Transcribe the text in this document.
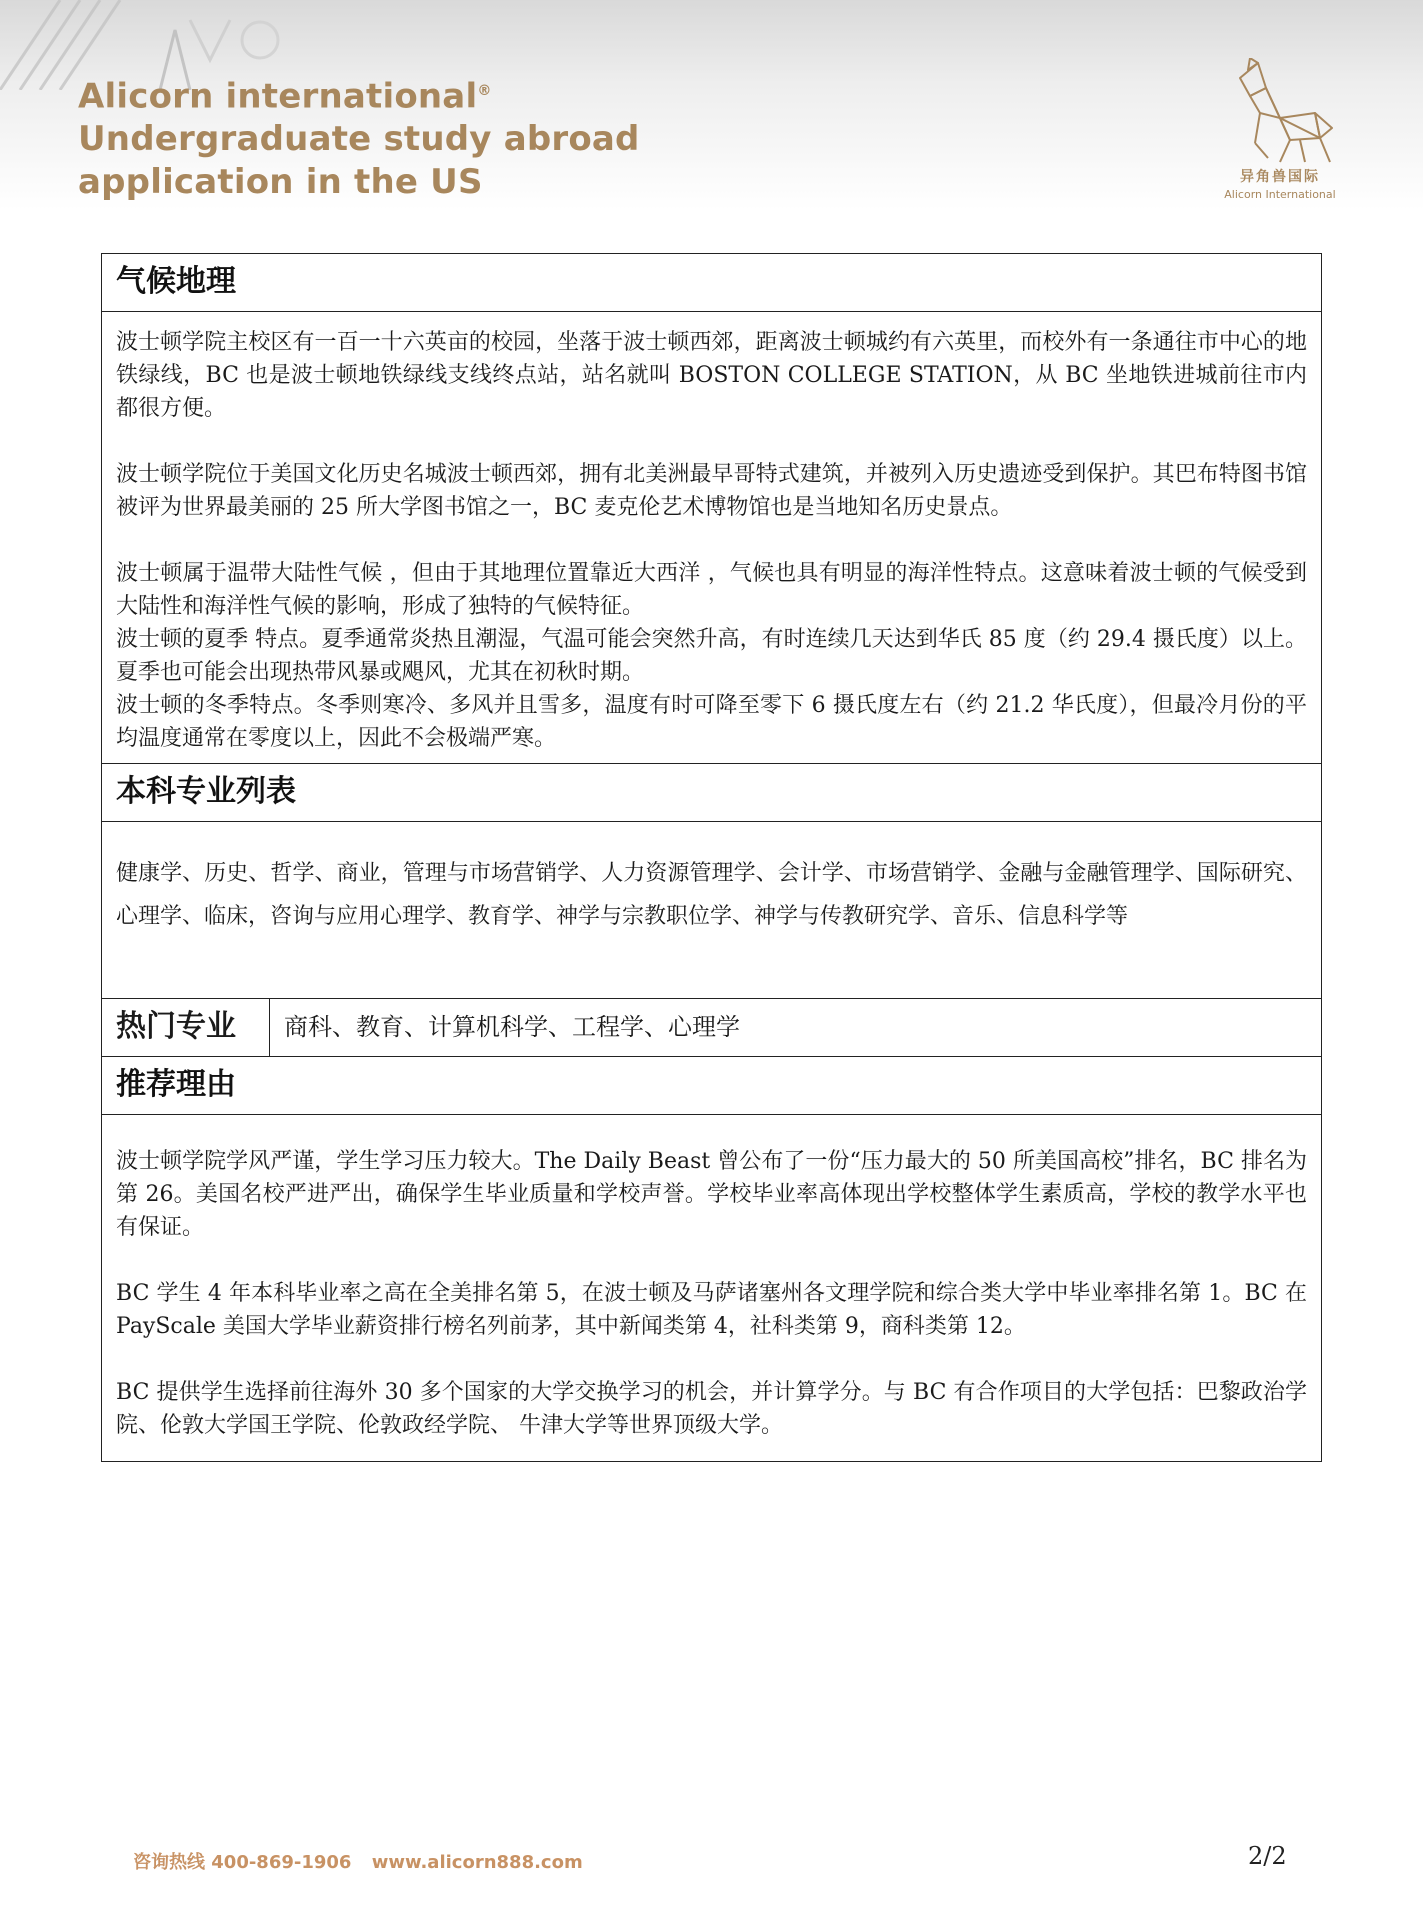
Alicorn international®
Undergraduate study abroad
application in the US	异角兽国际
Alicorn International
气候地理

波士顿学院主校区有一百一十六英亩的校园，坐落于波士顿西郊，距离波士顿城约有六英里，而校外有一条通往市中心的地铁绿线，BC 也是波士顿地铁绿线支线终点站，站名就叫 BOSTON COLLEGE STATION，从 BC 坐地铁进城前往市内都很方便。

波士顿学院位于美国文化历史名城波士顿西郊，拥有北美洲最早哥特式建筑，并被列入历史遗迹受到保护。其巴布特图书馆被评为世界最美丽的 25 所大学图书馆之一，BC 麦克伦艺术博物馆也是当地知名历史景点。

波士顿属于温带大陆性气候 ，但由于其地理位置靠近大西洋 ，气候也具有明显的海洋性特点。这意味着波士顿的气候受到大陆性和海洋性气候的影响，形成了独特的气候特征。

波士顿的夏季 特点。夏季通常炎热且潮湿，气温可能会突然升高，有时连续几天达到华氏 85 度（约 29.4 摄氏度）以上。夏季也可能会出现热带风暴或飓风，尤其在初秋时期。

波士顿的冬季特点。冬季则寒冷、多风并且雪多，温度有时可降至零下 6 摄氏度左右（约 21.2 华氏度），但最冷月份的平均温度通常在零度以上，因此不会极端严寒。

本科专业列表

健康学、历史、哲学、商业，管理与市场营销学、人力资源管理学、会计学、市场营销学、金融与金融管理学、国际研究、心理学、临床，咨询与应用心理学、教育学、神学与宗教职位学、神学与传教研究学、音乐、信息科学等

热门专业	商科、教育、计算机科学、工程学、心理学
推荐理由

波士顿学院学风严谨，学生学习压力较大。The Daily Beast 曾公布了一份“压力最大的 50 所美国高校”排名，BC 排名为第 26。美国名校严进严出，确保学生毕业质量和学校声誉。学校毕业率高体现出学校整体学生素质高，学校的教学水平也有保证。

BC 学生 4 年本科毕业率之高在全美排名第 5，在波士顿及马萨诸塞州各文理学院和综合类大学中毕业率排名第 1。BC 在 PayScale 美国大学毕业薪资排行榜名列前茅，其中新闻类第 4，社科类第 9，商科类第 12。

BC 提供学生选择前往海外 30 多个国家的大学交换学习的机会，并计算学分。与 BC 有合作项目的大学包括：巴黎政治学院、伦敦大学国王学院、伦敦政经学院、 牛津大学等世界顶级大学。

咨询热线 400-869-1906 www.alicorn888.com	2/2
